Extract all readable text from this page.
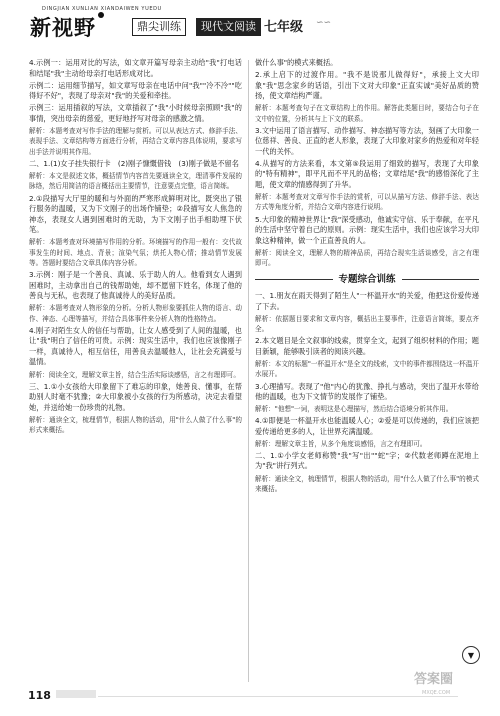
DINGJIAN XUNLIAN XIANDAIWEN YUEDU
新视野	鼎尖训练	现代文阅读 七年级 ∽∽

4.示例一：运用对比的写法，如文章开篇写母亲主动给"我"打电话和结尾"我"主动给母亲打电话形成对比。

示例二：运用细节描写，如文章写母亲在电话中问"我""冷不冷""吃得好不好"，表现了母亲对"我"的关爱和牵挂。

示例三：运用插叙的写法，文章插叙了"我"小时候母亲照顾"我"的事情，突出母亲的慈爱，更好地抒写对母亲的感激之情。

解析：本题考查对写作手法的理解与赏析。可以从表达方式、修辞手法、表现手法、文章结构等方面进行分析，再结合文章内容具体说明，要求写出手法并说明其作用。

二、1.(1)女子挂失银行卡　(2)刚子慷慨借钱　(3)刚子做是不留名

解析：本文是叙述文体，概括情节内容首先要通读全文，理清事件发展的脉络，然后用简洁的语言概括出主要情节，注意要点完整，语言简练。

2.①段描写大厅里的暖和与外面的严寒形成鲜明对比，既突出了银行服务的温暖，又为下文刚子的出场作铺垫；②段描写女人焦急的神态，表现女人遇到困难时的无助，为下文刚子出手相助埋下伏笔。

解析：本题考查对环境描写作用的分析。环境描写的作用一般有：交代故事发生的时间、地点、背景；渲染气氛；烘托人物心情；推动情节发展等。答题时要结合文章具体内容分析。

3.示例：刚子是一个善良、真诚、乐于助人的人。他看到女人遇到困难时，主动拿出自己的钱帮助她，却不愿留下姓名，体现了他的善良与无私，也表现了他真诚待人的美好品质。

解析：本题考查对人物形象的分析。分析人物形象要抓住人物的语言、动作、神态、心理等描写，并结合具体事件来分析人物的性格特点。

4.刚子对陌生女人的信任与帮助，让女人感受到了人间的温暖，也让"我"明白了信任的可贵。示例：现实生活中，我们也应该像刚子一样，真诚待人，相互信任，用善良去温暖他人，让社会充满爱与温情。

解析：阅读全文，理解文章主旨，结合生活实际谈感悟，言之有理即可。

三、1.①小女孩给大印象留下了难忘的印象，她善良、懂事，在帮助别人时毫不犹豫；②大印象被小女孩的行为所感动，决定去看望她，并送给她一份珍贵的礼物。

解析：通读全文，梳理情节，根据人物的活动，用"什么人做了什么事"的形式来概括。

做什么事"的模式来概括。

2.承上启下的过渡作用。"我不是说那儿做得好"，承接上文大印象"我"思念家乡的话语，引出下文对大印象"正直实诚"美好品质的赞扬，使文章结构严谨。

解析：本题考查句子在文章结构上的作用。解答此类题目时，要结合句子在文中的位置，分析其与上下文的联系。

3.文中运用了语言描写、动作描写、神态描写等方法，刻画了大印象一位慈祥、善良、正直的老人形象，表现了大印象对家乡的热爱和对年轻一代的关怀。

4.从描写的方法来看，本文第⑤段运用了细致的描写，表现了大印象的"特有精神"，即平凡而不平凡的品格；文章结尾"我"的感悟深化了主题，使文章的情感得到了升华。

解析：本题考查对文章写作手法的赏析，可以从描写方法、修辞手法、表达方式等角度分析，并结合文章内容进行说明。

5.大印象的精神世界让"我"深受感动，他诚实守信、乐于奉献，在平凡的生活中坚守着自己的原则。示例：现实生活中，我们也应该学习大印象这种精神，做一个正直善良的人。

解析：阅读全文，理解人物的精神品质，再结合现实生活谈感受，言之有理即可。

专题综合训练

一、1.朋友在雨天得到了陌生人"一杯温开水"的关爱，他把这份爱传递了下去。

解析：依据题目要求和文章内容，概括出主要事件，注意语言简练，要点齐全。

2.本文题目是全文叙事的线索，贯穿全文，起到了组织材料的作用；题目新颖，能够吸引读者的阅读兴趣。

解析：本文的标题"一杯温开水"是全文的线索，文中的事件都围绕这一杯温开水展开。

3.心理描写。表现了"他"内心的犹豫、挣扎与感动，突出了温开水带给他的温暖，也为下文情节的发展作了铺垫。

解析："他想"一词，表明这是心理描写，然后结合语境分析其作用。

4.①即便是一杯温开水也能温暖人心；②爱是可以传递的，我们应该把爱传递给更多的人，让世界充满温暖。

解析：理解文章主旨，从多个角度谈感悟，言之有理即可。

二、1.①小学女老师称赞"我"写"出""蛇"字；②代数老师蹲在泥地上为"我"讲行列式。

解析：通读全文，梳理情节，根据人物的活动，用"什么人做了什么事"的模式来概括。

118
▼
答案圈
MXQE.COM
